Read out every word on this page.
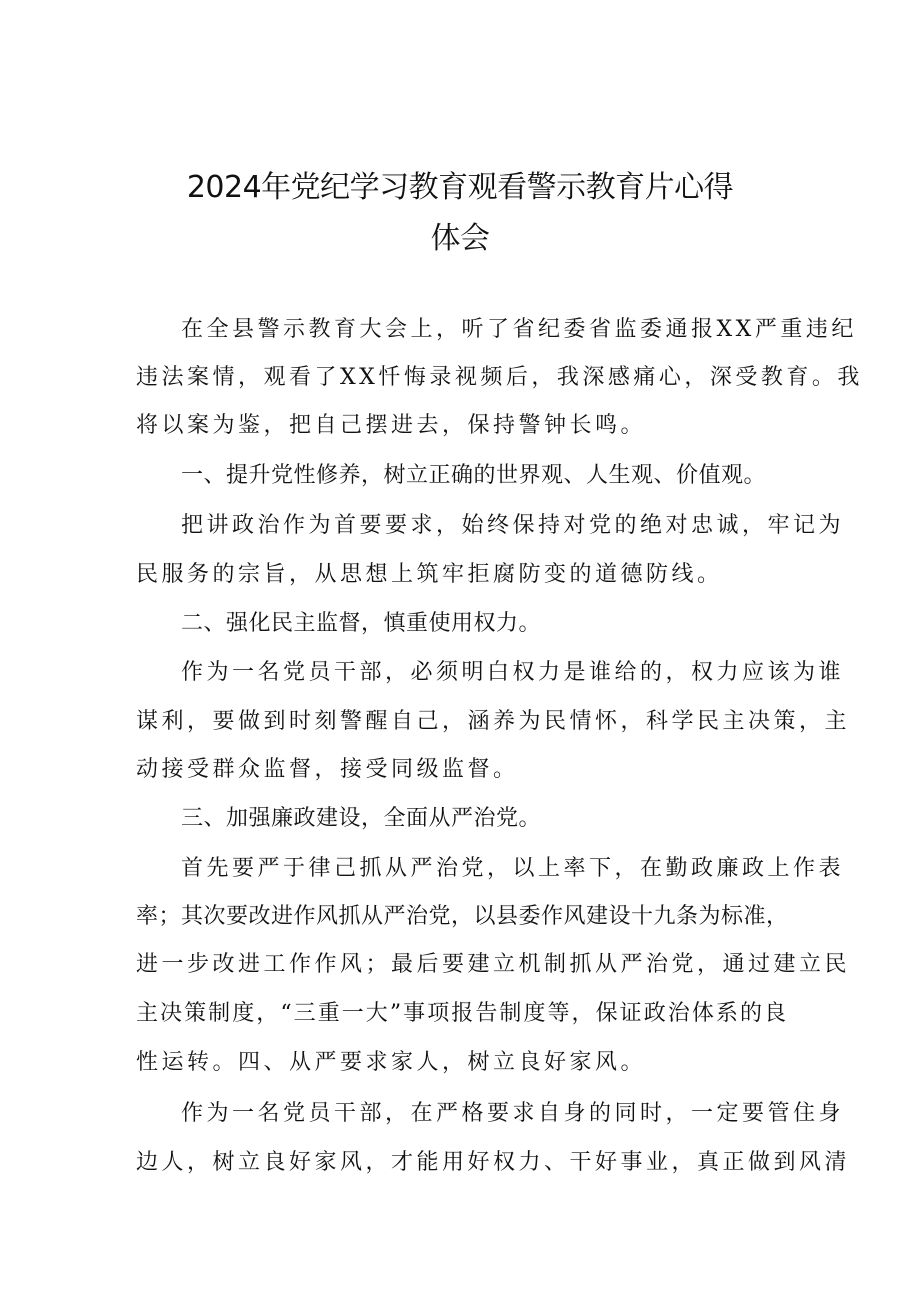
2024年党纪学习教育观看警示教育片心得
体会

在全县警示教育大会上，听了省纪委省监委通报XX严重违纪

违法案情，观看了XX忏悔录视频后，我深感痛心，深受教育。我

将以案为鉴，把自己摆进去，保持警钟长鸣。

一、提升党性修养，树立正确的世界观、人生观、价值观。

把讲政治作为首要要求，始终保持对党的绝对忠诚，牢记为

民服务的宗旨，从思想上筑牢拒腐防变的道德防线。

二、强化民主监督，慎重使用权力。

作为一名党员干部，必须明白权力是谁给的，权力应该为谁

谋利，要做到时刻警醒自己，涵养为民情怀，科学民主决策，主

动接受群众监督，接受同级监督。

三、加强廉政建设，全面从严治党。

首先要严于律己抓从严治党，以上率下，在勤政廉政上作表

率；其次要改进作风抓从严治党，以县委作风建设十九条为标准，

进一步改进工作作风；最后要建立机制抓从严治党，通过建立民

主决策制度，“三重一大”事项报告制度等，保证政治体系的良

性运转。四、从严要求家人，树立良好家风。

作为一名党员干部，在严格要求自身的同时，一定要管住身

边人，树立良好家风，才能用好权力、干好事业，真正做到风清
